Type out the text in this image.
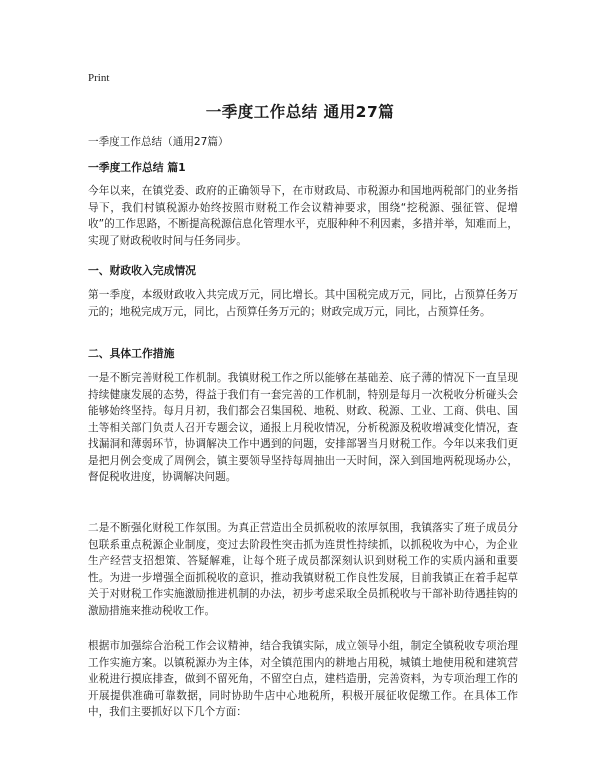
Print
一季度工作总结 通用27篇
一季度工作总结（通用27篇）
一季度工作总结 篇1
今年以来，在镇党委、政府的正确领导下，在市财政局、市税源办和国地两税部门的业务指导下，我们村镇税源办始终按照市财税工作会议精神要求，围绕“挖税源、强征管、促增收”的工作思路，不断提高税源信息化管理水平，克服种种不利因素，多措并举，知难而上，实现了财政税收时间与任务同步。
一、财政收入完成情况
第一季度，本级财政收入共完成万元，同比增长。其中国税完成万元，同比，占预算任务万元的；地税完成万元，同比，占预算任务万元的；财政完成万元，同比，占预算任务。
二、具体工作措施
一是不断完善财税工作机制。我镇财税工作之所以能够在基础差、底子薄的情况下一直呈现持续健康发展的态势，得益于我们有一套完善的工作机制，特别是每月一次税收分析碰头会能够始终坚持。每月月初，我们都会召集国税、地税、财政、税源、工业、工商、供电、国土等相关部门负责人召开专题会议，通报上月税收情况，分析税源及税收增减变化情况，查找漏洞和薄弱环节，协调解决工作中遇到的问题，安排部署当月财税工作。今年以来我们更是把月例会变成了周例会，镇主要领导坚持每周抽出一天时间，深入到国地两税现场办公，督促税收进度，协调解决问题。
二是不断强化财税工作氛围。为真正营造出全员抓税收的浓厚氛围，我镇落实了班子成员分包联系重点税源企业制度，变过去阶段性突击抓为连贯性持续抓，以抓税收为中心，为企业生产经营支招想策、答疑解难，让每个班子成员都深刻认识到财税工作的实质内涵和重要性。为进一步增强全面抓税收的意识，推动我镇财税工作良性发展，目前我镇正在着手起草关于对财税工作实施激励推进机制的办法，初步考虑采取全员抓税收与干部补助待遇挂钩的激励措施来推动税收工作。
根据市加强综合治税工作会议精神，结合我镇实际，成立领导小组，制定全镇税收专项治理工作实施方案。以镇税源办为主体，对全镇范围内的耕地占用税，城镇土地使用税和建筑营业税进行摸底排查，做到不留死角，不留空白点，建档造册，完善资料，为专项治理工作的 开展提供准确可靠数据，同时协助牛店中心地税所，积极开展征收促缴工作。在具体工作中，我们主要抓好以下几个方面：
